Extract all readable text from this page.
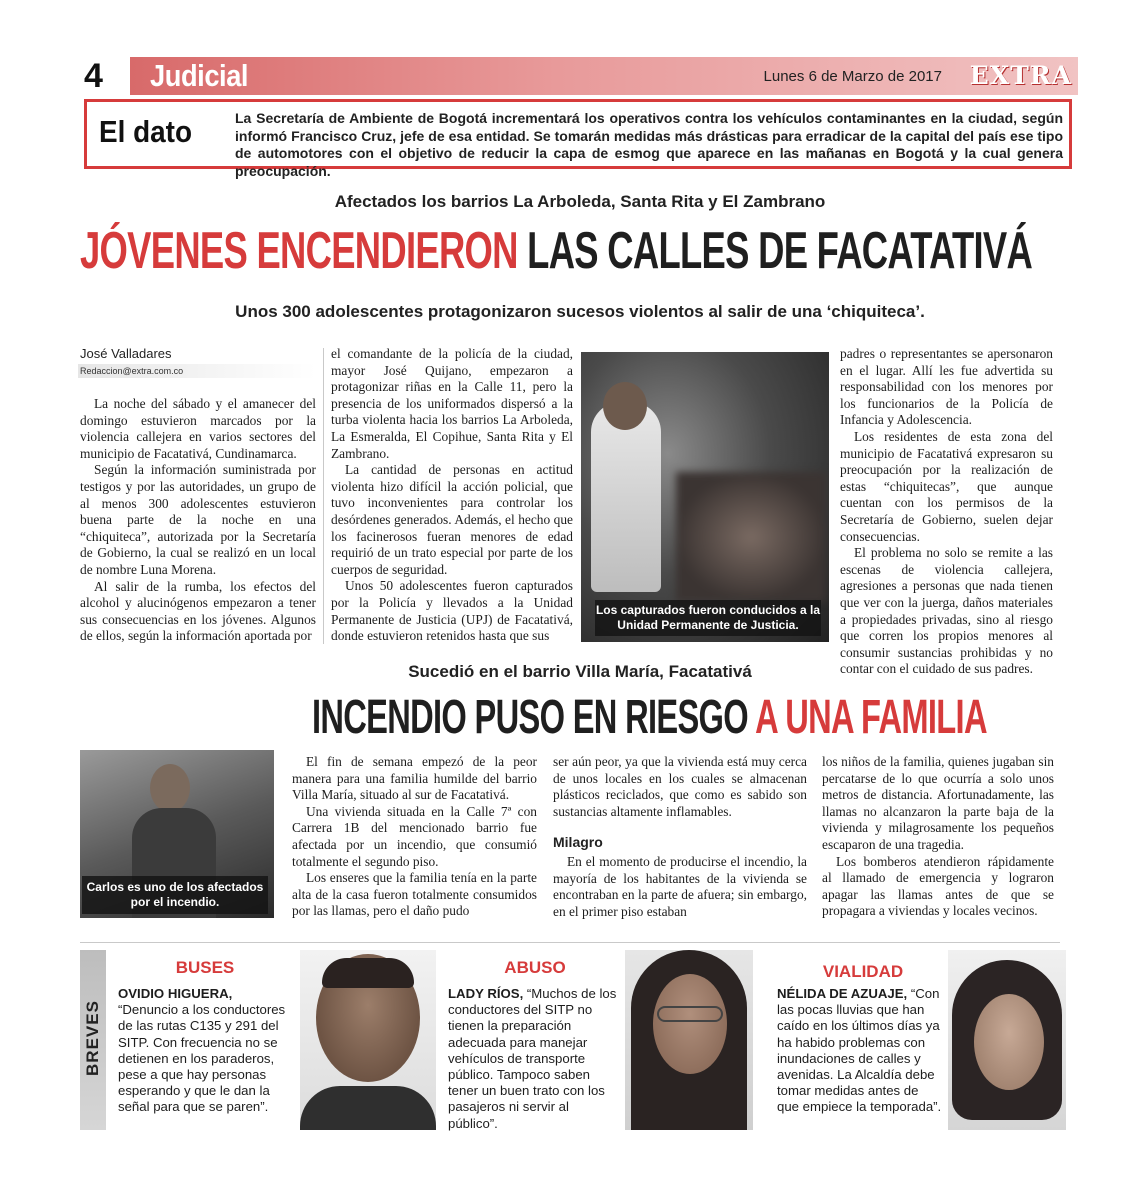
4	Judicial	Lunes 6 de Marzo de 2017 EXTRA
El dato	La Secretaría de Ambiente de Bogotá incrementará los operativos contra los vehículos contaminantes en la ciudad, según informó Francisco Cruz, jefe de esa entidad. Se tomarán medidas más drásticas para erradicar de la capital del país ese tipo de automotores con el objetivo de reducir la capa de esmog que aparece en las mañanas en Bogotá y la cual genera preocupación.
Afectados los barrios La Arboleda, Santa Rita y El Zambrano
JÓVENES ENCENDIERON LAS CALLES DE FACATATIVÁ
Unos 300 adolescentes protagonizaron sucesos violentos al salir de una ‘chiquiteca’.
José Valladares
Redaccion@extra.com.co

La noche del sábado y el amanecer del domingo estuvieron marcados por la violencia callejera en varios sectores del municipio de Facatativá, Cundinamarca.

Según la información suministrada por testigos y por las autoridades, un grupo de al menos 300 adolescentes estuvieron buena parte de la noche en una “chiquiteca”, autorizada por la Secretaría de Gobierno, la cual se realizó en un local de nombre Luna Morena.

Al salir de la rumba, los efectos del alcohol y alucinógenos empezaron a tener sus consecuencias en los jóvenes. Algunos de ellos, según la información aportada por

el comandante de la policía de la ciudad, mayor José Quijano, empezaron a protagonizar riñas en la Calle 11, pero la presencia de los uniformados dispersó a la turba violenta hacia los barrios La Arboleda, La Esmeralda, El Copihue, Santa Rita y El Zambrano.

La cantidad de personas en actitud violenta hizo difícil la acción policial, que tuvo inconvenientes para controlar los desórdenes generados. Además, el hecho que los facinerosos fueran menores de edad requirió de un trato especial por parte de los cuerpos de seguridad.

Unos 50 adolescentes fueron capturados por la Policía y llevados a la Unidad Permanente de Justicia (UPJ) de Facatativá, donde estuvieron retenidos hasta que sus

Los capturados fueron conducidos a la Unidad Permanente de Justicia.

padres o representantes se apersonaron en el lugar. Allí les fue advertida su responsabilidad con los menores por los funcionarios de la Policía de Infancia y Adolescencia.

Los residentes de esta zona del municipio de Facatativá expresaron su preocupación por la realización de estas “chiquitecas”, que aunque cuentan con los permisos de la Secretaría de Gobierno, suelen dejar consecuencias.

El problema no solo se remite a las escenas de violencia callejera, agresiones a personas que nada tienen que ver con la juerga, daños materiales a propiedades privadas, sino al riesgo que corren los propios menores al consumir sustancias prohibidas y no contar con el cuidado de sus padres.

Sucedió en el barrio Villa María, Facatativá
INCENDIO PUSO EN RIESGO A UNA FAMILIA
Carlos es uno de los afectados por el incendio.

El fin de semana empezó de la peor manera para una familia humilde del barrio Villa María, situado al sur de Facatativá.

Una vivienda situada en la Calle 7ª con Carrera 1B del mencionado barrio fue afectada por un incendio, que consumió totalmente el segundo piso.

Los enseres que la familia tenía en la parte alta de la casa fueron totalmente consumidos por las llamas, pero el daño pudo

ser aún peor, ya que la vivienda está muy cerca de unos locales en los cuales se almacenan plásticos reciclados, que como es sabido son sustancias altamente inflamables.

Milagro

En el momento de producirse el incendio, la mayoría de los habitantes de la vivienda se encontraban en la parte de afuera; sin embargo, en el primer piso estaban

los niños de la familia, quienes jugaban sin percatarse de lo que ocurría a solo unos metros de distancia. Afortunadamente, las llamas no alcanzaron la parte baja de la vivienda y milagrosamente los pequeños escaparon de una tragedia.

Los bomberos atendieron rápidamente al llamado de emergencia y lograron apagar las llamas antes de que se propagara a viviendas y locales vecinos.

BREVES
BUSES
OVIDIO HIGUERA, “Denuncio a los conductores de las rutas C135 y 291 del SITP. Con frecuencia no se detienen en los paraderos, pese a que hay personas esperando y que le dan la señal para que se paren”.
ABUSO
LADY RÍOS, “Muchos de los conductores del SITP no tienen la preparación adecuada para manejar vehículos de transporte público. Tampoco saben tener un buen trato con los pasajeros ni servir al público”.
VIALIDAD
NÉLIDA DE AZUAJE, “Con las pocas lluvias que han caído en los últimos días ya ha habido problemas con inundaciones de calles y avenidas. La Alcaldía debe tomar medidas antes de que empiece la temporada”.
